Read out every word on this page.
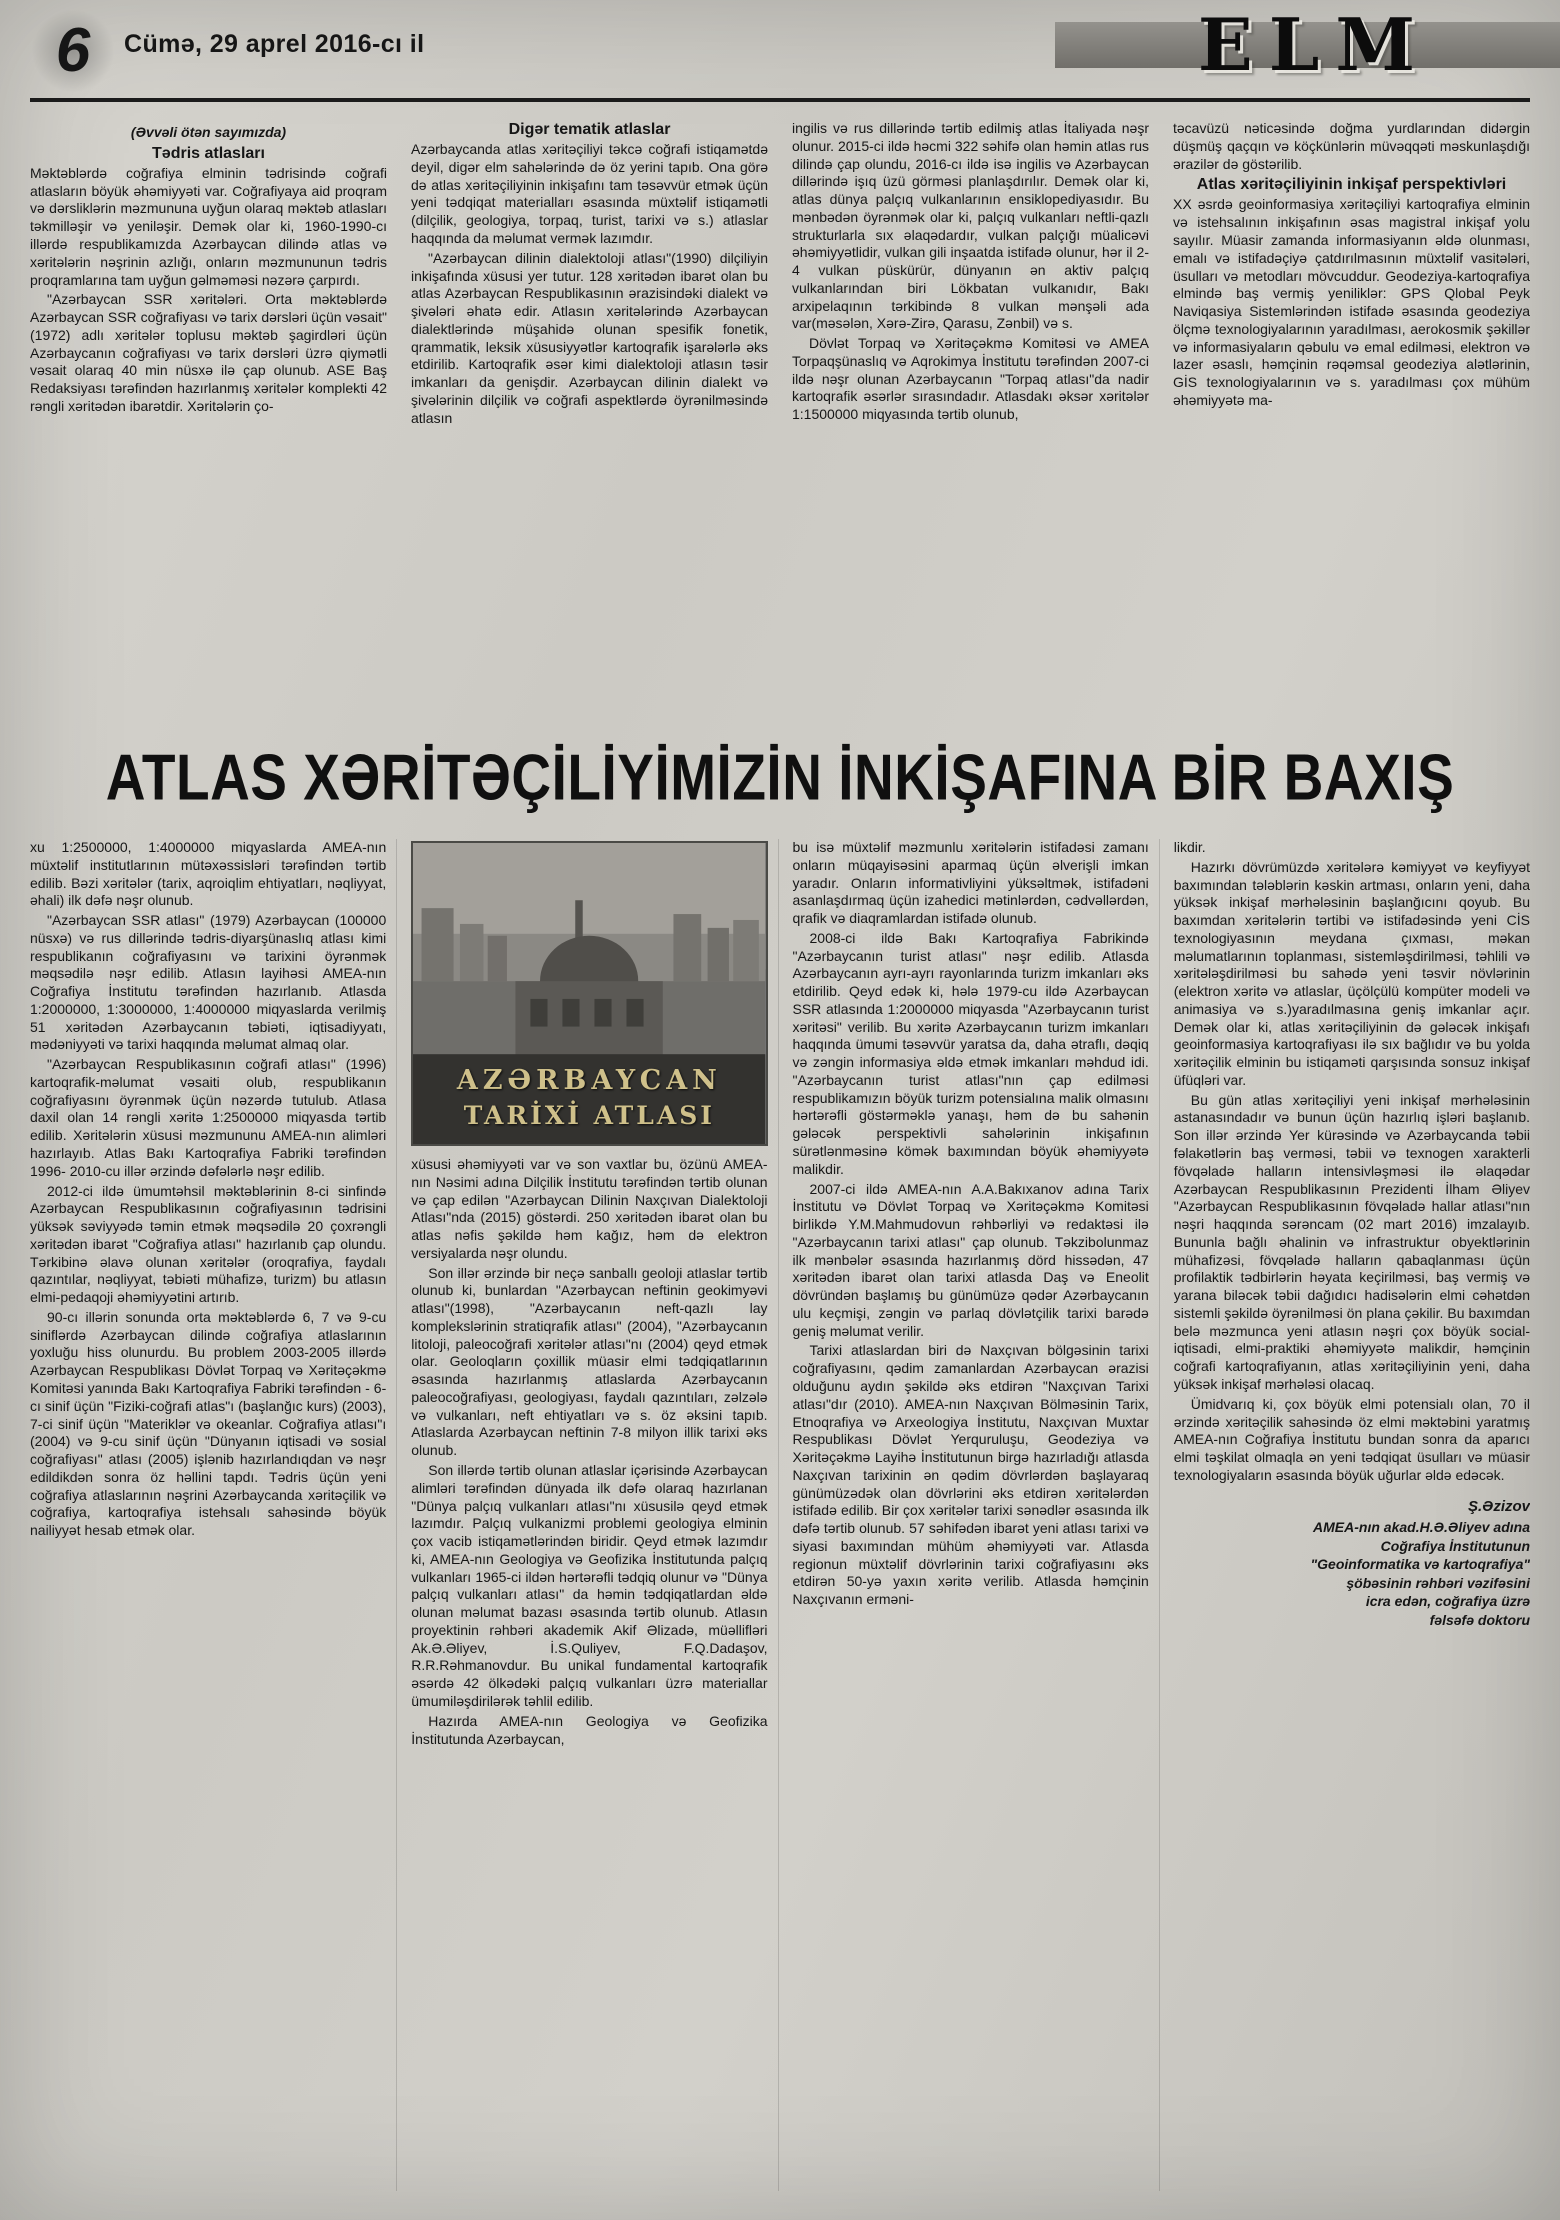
6	Cümə, 29 aprel 2016-cı il	ELM

(Əvvəli ötən sayımızda)

Tədris atlasları

Məktəblərdə coğrafiya elminin tədrisində coğrafi atlasların böyük əhəmiyyəti var. Coğrafiyaya aid proqram və dərsliklərin məzmununa uyğun olaraq məktəb atlasları təkmilləşir və yeniləşir. Demək olar ki, 1960-1990-cı illərdə respublikamızda Azərbaycan dilində atlas və xəritələrin nəşrinin azlığı, onların məzmununun tədris proqramlarına tam uyğun gəlməməsi nəzərə çarpırdı.

"Azərbaycan SSR xəritələri. Orta məktəblərdə Azərbaycan SSR coğrafiyası və tarix dərsləri üçün vəsait" (1972) adlı xəritələr toplusu məktəb şagirdləri üçün Azərbaycanın coğrafiyası və tarix dərsləri üzrə qiymətli vəsait olaraq 40 min nüsxə ilə çap olunub. ASE Baş Redaksiyası tərəfindən hazırlanmış xəritələr komplekti 42 rəngli xəritədən ibarətdir. Xəritələrin ço-

Digər tematik atlaslar

Azərbaycanda atlas xəritəçiliyi təkcə coğrafi istiqamətdə deyil, digər elm sahələrində də öz yerini tapıb. Ona görə də atlas xəritəçiliyinin inkişafını tam təsəvvür etmək üçün yeni tədqiqat materialları əsasında müxtəlif istiqamətli (dilçilik, geologiya, torpaq, turist, tarixi və s.) atlaslar haqqında da məlumat vermək lazımdır.

"Azərbaycan dilinin dialektoloji atlası"(1990) dilçiliyin inkişafında xüsusi yer tutur. 128 xəritədən ibarət olan bu atlas Azərbaycan Respublikasının ərazisindəki dialekt və şivələri əhatə edir. Atlasın xəritələrində Azərbaycan dialektlərində müşahidə olunan spesifik fonetik, qrammatik, leksik xüsusiyyətlər kartoqrafik işarələrlə əks etdirilib. Kartoqrafik əsər kimi dialektoloji atlasın təsir imkanları da genişdir. Azərbaycan dilinin dialekt və şivələrinin dilçilik və coğrafi aspektlərdə öyrənilməsində atlasın

ingilis və rus dillərində tərtib edilmiş atlas İtaliyada nəşr olunur. 2015-ci ildə həcmi 322 səhifə olan həmin atlas rus dilində çap olundu, 2016-cı ildə isə ingilis və Azərbaycan dillərində işıq üzü görməsi planlaşdırılır. Demək olar ki, atlas dünya palçıq vulkanlarının ensiklopediyasıdır. Bu mənbədən öyrənmək olar ki, palçıq vulkanları neftli-qazlı strukturlarla sıx əlaqədardır, vulkan palçığı müalicəvi əhəmiyyətlidir, vulkan gili inşaatda istifadə olunur, hər il 2-4 vulkan püskürür, dünyanın ən aktiv palçıq vulkanlarından biri Lökbatan vulkanıdır, Bakı arxipelaqının tərkibində 8 vulkan mənşəli ada var(məsələn, Xərə-Zirə, Qarasu, Zənbil) və s.

Dövlət Torpaq və Xəritəçəkmə Komitəsi və AMEA Torpaqşünaslıq və Aqrokimya İnstitutu tərəfindən 2007-ci ildə nəşr olunan Azərbaycanın "Torpaq atlası"da nadir kartoqrafik əsərlər sırasındadır. Atlasdakı əksər xəritələr 1:1500000 miqyasında tərtib olunub,

təcavüzü nəticəsində doğma yurdlarından didərgin düşmüş qaçqın və köçkünlərin müvəqqəti məskunlaşdığı ərazilər də göstərilib.

Atlas xəritəçiliyinin inkişaf perspektivləri

XX əsrdə geoinformasiya xəritəçiliyi kartoqrafiya elminin və istehsalının inkişafının əsas magistral inkişaf yolu sayılır. Müasir zamanda informasiyanın əldə olunması, emalı və istifadəçiyə çatdırılmasının müxtəlif vasitələri, üsulları və metodları mövcuddur. Geodeziya-kartoqrafiya elmində baş vermiş yeniliklər: GPS Qlobal Peyk Naviqasiya Sistemlərindən istifadə əsasında geodeziya ölçmə texnologiyalarının yaradılması, aerokosmik şəkillər və informasiyaların qəbulu və emal edilməsi, elektron və lazer əsaslı, həmçinin rəqəmsal geodeziya alətlərinin, GİS texnologiyalarının və s. yaradılması çox mühüm əhəmiyyətə ma-

ATLAS XƏRİTƏÇİLİYİMİZİN İNKİŞAFINA BİR BAXIŞ

xu 1:2500000, 1:4000000 miqyaslarda AMEA-nın müxtəlif institutlarının mütəxəssisləri tərəfindən tərtib edilib. Bəzi xəritələr (tarix, aqroiqlim ehtiyatları, nəqliyyat, əhali) ilk dəfə nəşr olunub.

"Azərbaycan SSR atlası" (1979) Azərbaycan (100000 nüsxə) və rus dillərində tədris-diyarşünaslıq atlası kimi respublikanın coğrafiyasını və tarixini öyrənmək məqsədilə nəşr edilib. Atlasın layihəsi AMEA-nın Coğrafiya İnstitutu tərəfindən hazırlanıb. Atlasda 1:2000000, 1:3000000, 1:4000000 miqyaslarda verilmiş 51 xəritədən Azərbaycanın təbiəti, iqtisadiyyatı, mədəniyyəti və tarixi haqqında məlumat almaq olar.

"Azərbaycan Respublikasının coğrafi atlası" (1996) kartoqrafik-məlumat vəsaiti olub, respublikanın coğrafiyasını öyrənmək üçün nəzərdə tutulub. Atlasa daxil olan 14 rəngli xəritə 1:2500000 miqyasda tərtib edilib. Xəritələrin xüsusi məzmununu AMEA-nın alimləri hazırlayıb. Atlas Bakı Kartoqrafiya Fabriki tərəfindən 1996- 2010-cu illər ərzində dəfələrlə nəşr edilib.

2012-ci ildə ümumtəhsil məktəblərinin 8-ci sinfində Azərbaycan Respublikasının coğrafiyasının tədrisini yüksək səviyyədə təmin etmək məqsədilə 20 çoxrəngli xəritədən ibarət "Coğrafiya atlası" hazırlanıb çap olundu. Tərkibinə əlavə olunan xəritələr (oroqrafiya, faydalı qazıntılar, nəqliyyat, təbiəti mühafizə, turizm) bu atlasın elmi-pedaqoji əhəmiyyətini artırıb.

90-cı illərin sonunda orta məktəblərdə 6, 7 və 9-cu siniflərdə Azərbaycan dilində coğrafiya atlaslarının yoxluğu hiss olunurdu. Bu problem 2003-2005 illərdə Azərbaycan Respublikası Dövlət Torpaq və Xəritəçəkmə Komitəsi yanında Bakı Kartoqrafiya Fabriki tərəfindən - 6-cı sinif üçün "Fiziki-coğrafi atlas"ı (başlanğıc kurs) (2003), 7-ci sinif üçün "Materiklər və okeanlar. Coğrafiya atlası"ı (2004) və 9-cu sinif üçün "Dünyanın iqtisadi və sosial coğrafiyası" atlası (2005) işlənib hazırlandıqdan və nəşr edildikdən sonra öz həllini tapdı. Tədris üçün yeni coğrafiya atlaslarının nəşrini Azərbaycanda xəritəçilik və coğrafiya, kartoqrafiya istehsalı sahəsində böyük nailiyyət hesab etmək olar.

AZƏRBAYCAN
TARİXİ ATLASI

xüsusi əhəmiyyəti var və son vaxtlar bu, özünü AMEA-nın Nəsimi adına Dilçilik İnstitutu tərəfindən tərtib olunan və çap edilən "Azərbaycan Dilinin Naxçıvan Dialektoloji Atlası"nda (2015) göstərdi. 250 xəritədən ibarət olan bu atlas nəfis şəkildə həm kağız, həm də elektron versiyalarda nəşr olundu.

Son illər ərzində bir neçə sanballı geoloji atlaslar tərtib olunub ki, bunlardan "Azərbaycan neftinin geokimyəvi atlası"(1998), "Azərbaycanın neft-qazlı lay komplekslərinin stratiqrafik atlası" (2004), "Azərbaycanın litoloji, paleocoğrafi xəritələr atlası"nı (2004) qeyd etmək olar. Geoloqların çoxillik müasir elmi tədqiqatlarının əsasında hazırlanmış atlaslarda Azərbaycanın paleocoğrafiyası, geologiyası, faydalı qazıntıları, zəlzələ və vulkanları, neft ehtiyatları və s. öz əksini tapıb. Atlaslarda Azərbaycan neftinin 7-8 milyon illik tarixi əks olunub.

Son illərdə tərtib olunan atlaslar içərisində Azərbaycan alimləri tərəfindən dünyada ilk dəfə olaraq hazırlanan "Dünya palçıq vulkanları atlası"nı xüsusilə qeyd etmək lazımdır. Palçıq vulkanizmi problemi geologiya elminin çox vacib istiqamətlərindən biridir. Qeyd etmək lazımdır ki, AMEA-nın Geologiya və Geofizika İnstitutunda palçıq vulkanları 1965-ci ildən hərtərəfli tədqiq olunur və "Dünya palçıq vulkanları atlası" da həmin tədqiqatlardan əldə olunan məlumat bazası əsasında tərtib olunub. Atlasın proyektinin rəhbəri akademik Akif Əlizadə, müəllifləri Ak.Ə.Əliyev, İ.S.Quliyev, F.Q.Dadaşov, R.R.Rəhmanovdur. Bu unikal fundamental kartoqrafik əsərdə 42 ölkədəki palçıq vulkanları üzrə materiallar ümumiləşdirilərək təhlil edilib.

Hazırda AMEA-nın Geologiya və Geofizika İnstitutunda Azərbaycan,

bu isə müxtəlif məzmunlu xəritələrin istifadəsi zamanı onların müqayisəsini aparmaq üçün əlverişli imkan yaradır. Onların informativliyini yüksəltmək, istifadəni asanlaşdırmaq üçün izahedici mətinlərdən, cədvəllərdən, qrafik və diaqramlardan istifadə olunub.

2008-ci ildə Bakı Kartoqrafiya Fabrikində "Azərbaycanın turist atlası" nəşr edilib. Atlasda Azərbaycanın ayrı-ayrı rayonlarında turizm imkanları əks etdirilib. Qeyd edək ki, hələ 1979-cu ildə Azərbaycan SSR atlasında 1:2000000 miqyasda "Azərbaycanın turist xəritəsi" verilib. Bu xəritə Azərbaycanın turizm imkanları haqqında ümumi təsəvvür yaratsa da, daha ətraflı, dəqiq və zəngin informasiya əldə etmək imkanları məhdud idi. "Azərbaycanın turist atlası"nın çap edilməsi respublikamızın böyük turizm potensialına malik olmasını hərtərəfli göstərməklə yanaşı, həm də bu sahənin gələcək perspektivli sahələrinin inkişafının sürətlənməsinə kömək baxımından böyük əhəmiyyətə malikdir.

2007-ci ildə AMEA-nın A.A.Bakıxanov adına Tarix İnstitutu və Dövlət Torpaq və Xəritəçəkmə Komitəsi birlikdə Y.M.Mahmudovun rəhbərliyi və redaktəsi ilə "Azərbaycanın tarixi atlası" çap olunub. Təkzibolunmaz ilk mənbələr əsasında hazırlanmış dörd hissədən, 47 xəritədən ibarət olan tarixi atlasda Daş və Eneolit dövründən başlamış bu günümüzə qədər Azərbaycanın ulu keçmişi, zəngin və parlaq dövlətçilik tarixi barədə geniş məlumat verilir.

Tarixi atlaslardan biri də Naxçıvan bölgəsinin tarixi coğrafiyasını, qədim zamanlardan Azərbaycan ərazisi olduğunu aydın şəkildə əks etdirən "Naxçıvan Tarixi atlası"dır (2010). AMEA-nın Naxçıvan Bölməsinin Tarix, Etnoqrafiya və Arxeologiya İnstitutu, Naxçıvan Muxtar Respublikası Dövlət Yerquruluşu, Geodeziya və Xəritəçəkmə Layihə İnstitutunun birgə hazırladığı atlasda Naxçıvan tarixinin ən qədim dövrlərdən başlayaraq günümüzədək olan dövrlərini əks etdirən xəritələrdən istifadə edilib. Bir çox xəritələr tarixi sənədlər əsasında ilk dəfə tərtib olunub. 57 səhifədən ibarət yeni atlası tarixi və siyasi baxımından mühüm əhəmiyyəti var. Atlasda regionun müxtəlif dövrlərinin tarixi coğrafiyasını əks etdirən 50-yə yaxın xəritə verilib. Atlasda həmçinin Naxçıvanın erməni-

likdir.

Hazırkı dövrümüzdə xəritələrə kəmiyyət və keyfiyyət baxımından tələblərin kəskin artması, onların yeni, daha yüksək inkişaf mərhələsinin başlanğıcını qoyub. Bu baxımdan xəritələrin tərtibi və istifadəsində yeni CİS texnologiyasının meydana çıxması, məkan məlumatlarının toplanması, sistemləşdirilməsi, təhlili və xəritələşdirilməsi bu sahədə yeni təsvir növlərinin (elektron xəritə və atlaslar, üçölçülü kompüter modeli və animasiya və s.)yaradılmasına geniş imkanlar açır. Demək olar ki, atlas xəritəçiliyinin də gələcək inkişafı geoinformasiya kartoqrafiyası ilə sıx bağlıdır və bu yolda xəritəçilik elminin bu istiqaməti qarşısında sonsuz inkişaf üfüqləri var.

Bu gün atlas xəritəçiliyi yeni inkişaf mərhələsinin astanasındadır və bunun üçün hazırlıq işləri başlanıb. Son illər ərzində Yer kürəsində və Azərbaycanda təbii fəlakətlərin baş verməsi, təbii və texnogen xarakterli fövqəladə halların intensivləşməsi ilə əlaqədar Azərbaycan Respublikasının Prezidenti İlham Əliyev "Azərbaycan Respublikasının fövqəladə hallar atlası"nın nəşri haqqında sərəncam (02 mart 2016) imzalayıb. Bununla bağlı əhalinin və infrastruktur obyektlərinin mühafizəsi, fövqəladə halların qabaqlanması üçün profilaktik tədbirlərin həyata keçirilməsi, baş vermiş və yarana biləcək təbii dağıdıcı hadisələrin elmi cəhətdən sistemli şəkildə öyrənilməsi ön plana çəkilir. Bu baxımdan belə məzmunca yeni atlasın nəşri çox böyük social-iqtisadi, elmi-praktiki əhəmiyyətə malikdir, həmçinin coğrafi kartoqrafiyanın, atlas xəritəçiliyinin yeni, daha yüksək inkişaf mərhələsi olacaq.

Ümidvarıq ki, çox böyük elmi potensialı olan, 70 il ərzində xəritəçilik sahəsində öz elmi məktəbini yaratmış AMEA-nın Coğrafiya İnstitutu bundan sonra da aparıcı elmi təşkilat olmaqla ən yeni tədqiqat üsulları və müasir texnologiyaların əsasında böyük uğurlar əldə edəcək.

Ş.Əzizov

AMEA-nın akad.H.Ə.Əliyev adına

Coğrafiya İnstitutunun

"Geoinformatika və kartoqrafiya"

şöbəsinin rəhbəri vəzifəsini

icra edən, coğrafiya üzrə

fəlsəfə doktoru
